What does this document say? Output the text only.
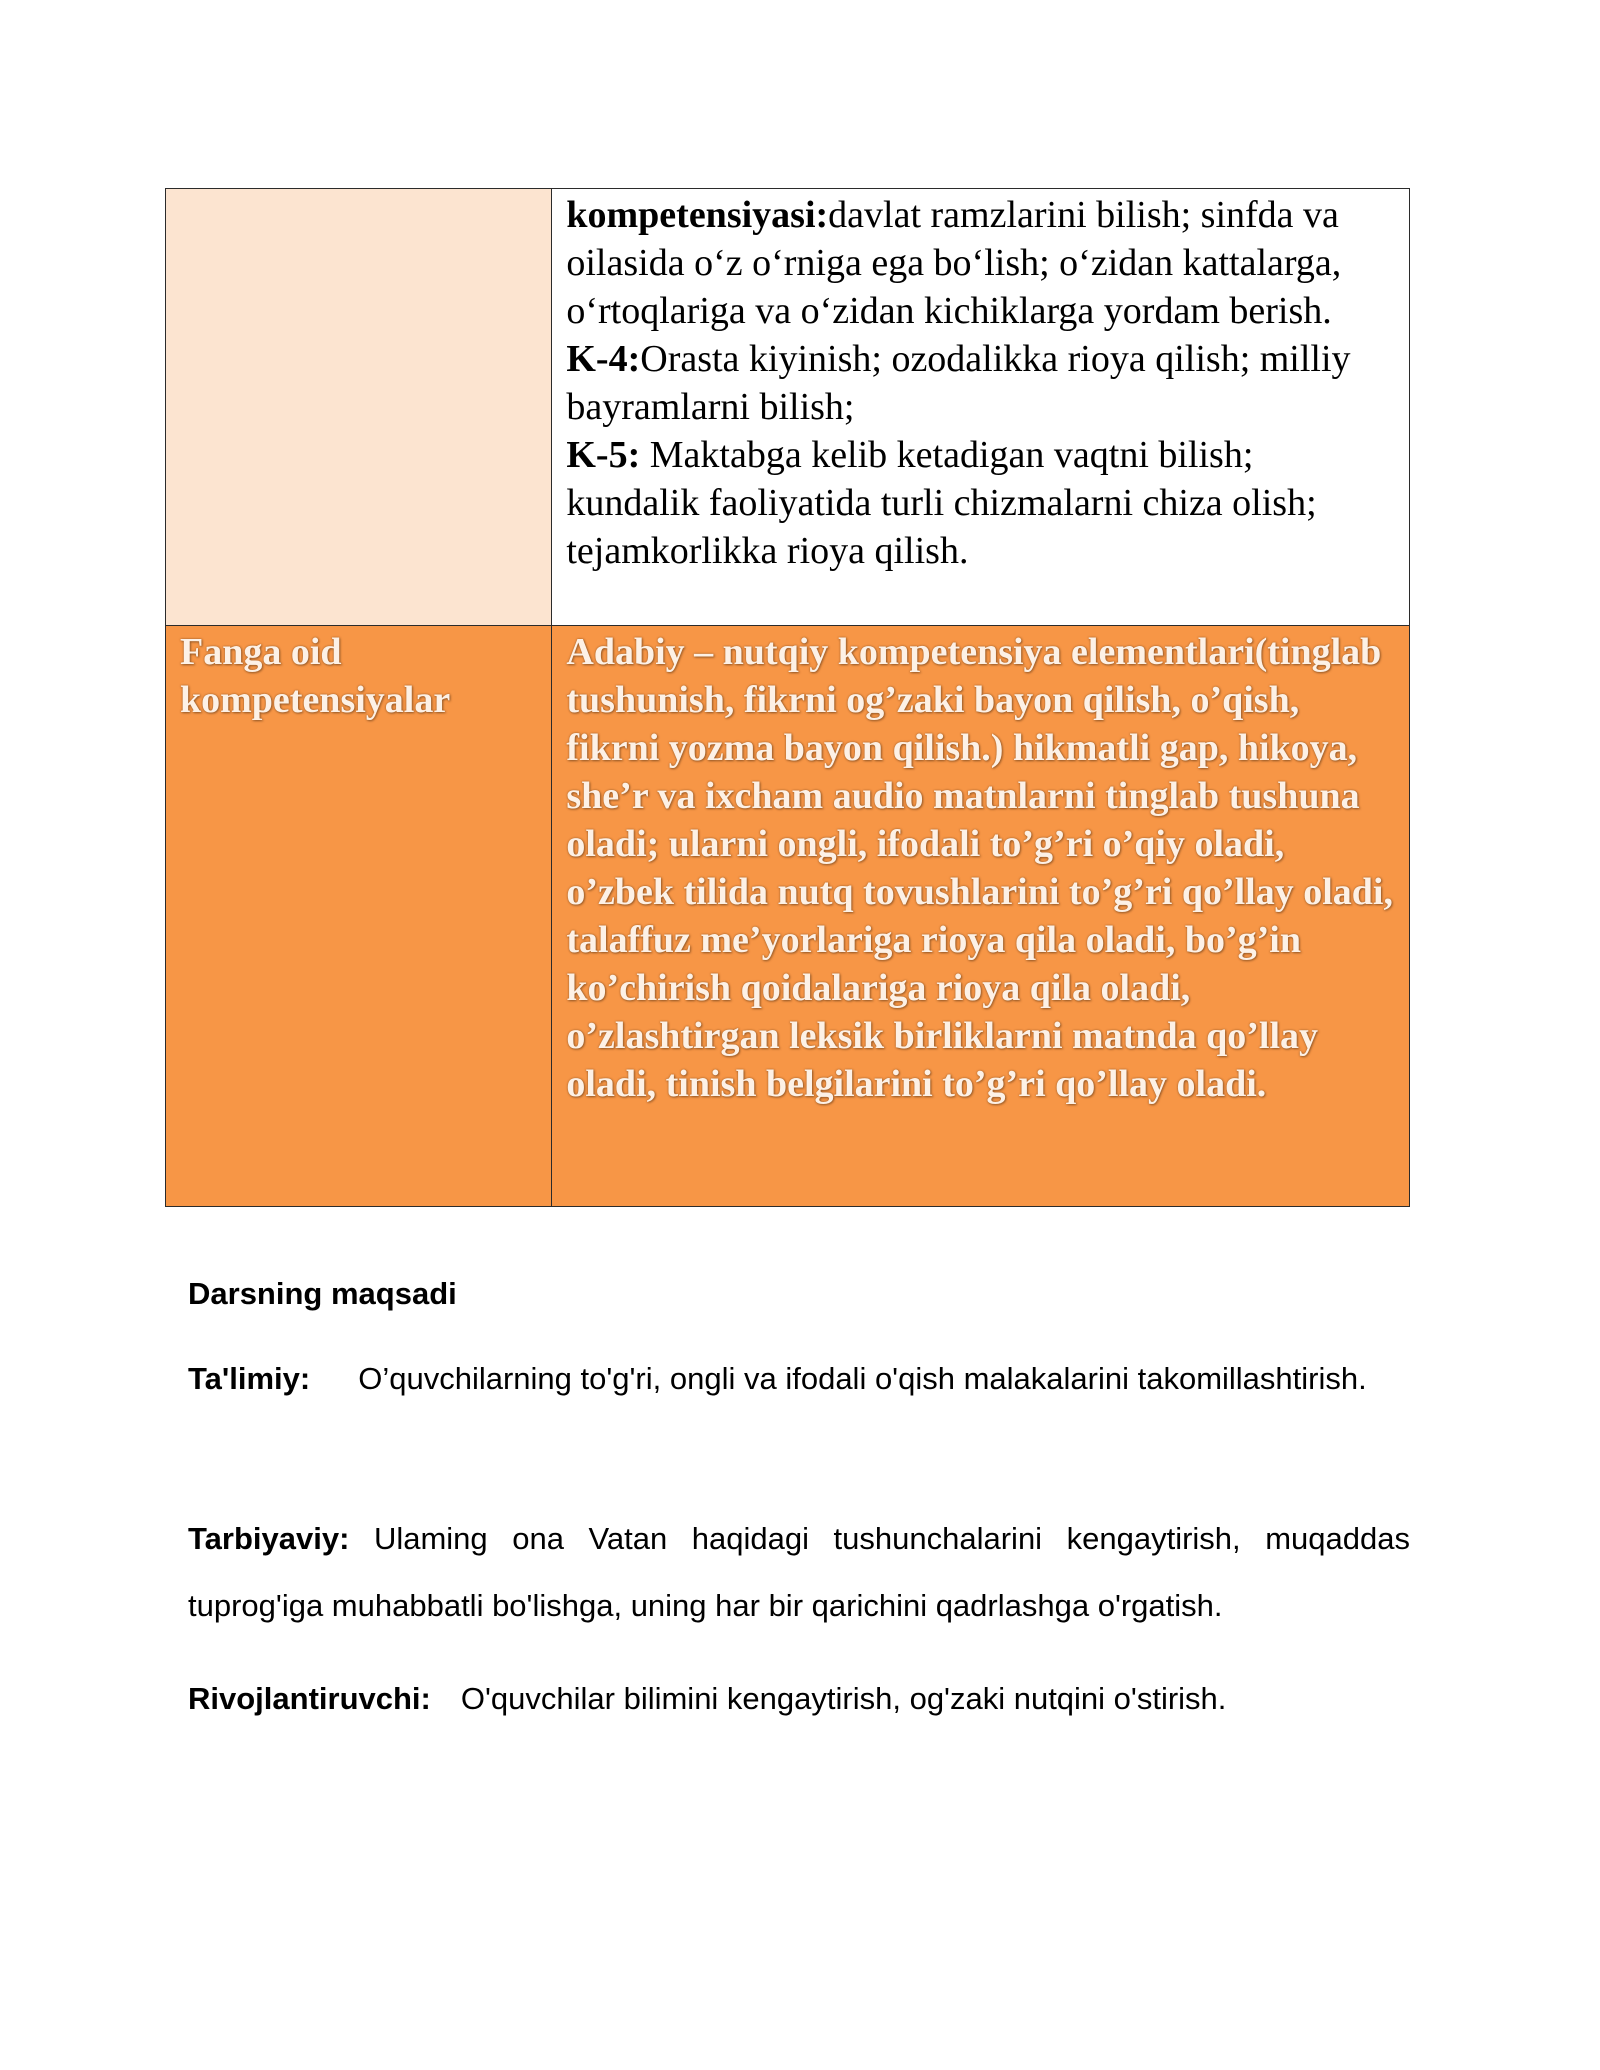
	kompetensiyasi:davlat ramzlarini bilish; sinfda va oilasida o‘z o‘rniga ega bo‘lish; o‘zidan kattalarga, o‘rtoqlariga va o‘zidan kichiklarga yordam berish.
K-4:Orasta kiyinish; ozodalikka rioya qilish; milliy bayramlarni bilish;
K-5: Maktabga kelib ketadigan vaqtni bilish; kundalik faoliyatida turli chizmalarni chiza olish; tejamkorlikka rioya qilish.

Fanga oid kompetensiyalar	Adabiy – nutqiy kompetensiya elementlari(tinglab tushunish, fikrni og’zaki bayon qilish, o’qish, fikrni yozma bayon qilish.) hikmatli gap, hikoya, she’r va ixcham audio matnlarni tinglab tushuna oladi; ularni ongli, ifodali to’g’ri o’qiy oladi, o’zbek tilida nutq tovushlarini to’g’ri qo’llay oladi, talaffuz me’yorlariga rioya qila oladi, bo’g’in ko’chirish qoidalariga rioya qila oladi, o’zlashtirgan leksik birliklarni matnda qo’llay oladi, tinish belgilarini to’g’ri qo’llay oladi.
Darsning maqsadi
Ta'limiy: O’quvchilarning to'g'ri, ongli va ifodali o'qish malakalarini takomillashtirish.
Tarbiyaviy: Ulaming ona Vatan haqidagi tushunchalarini kengaytirish, muqaddas tuprog'iga muhabbatli bo'lishga, uning har bir qarichini qadrlashga o'rgatish.
Rivojlantiruvchi: O'quvchilar bilimini kengaytirish, og'zaki nutqini o'stirish.
